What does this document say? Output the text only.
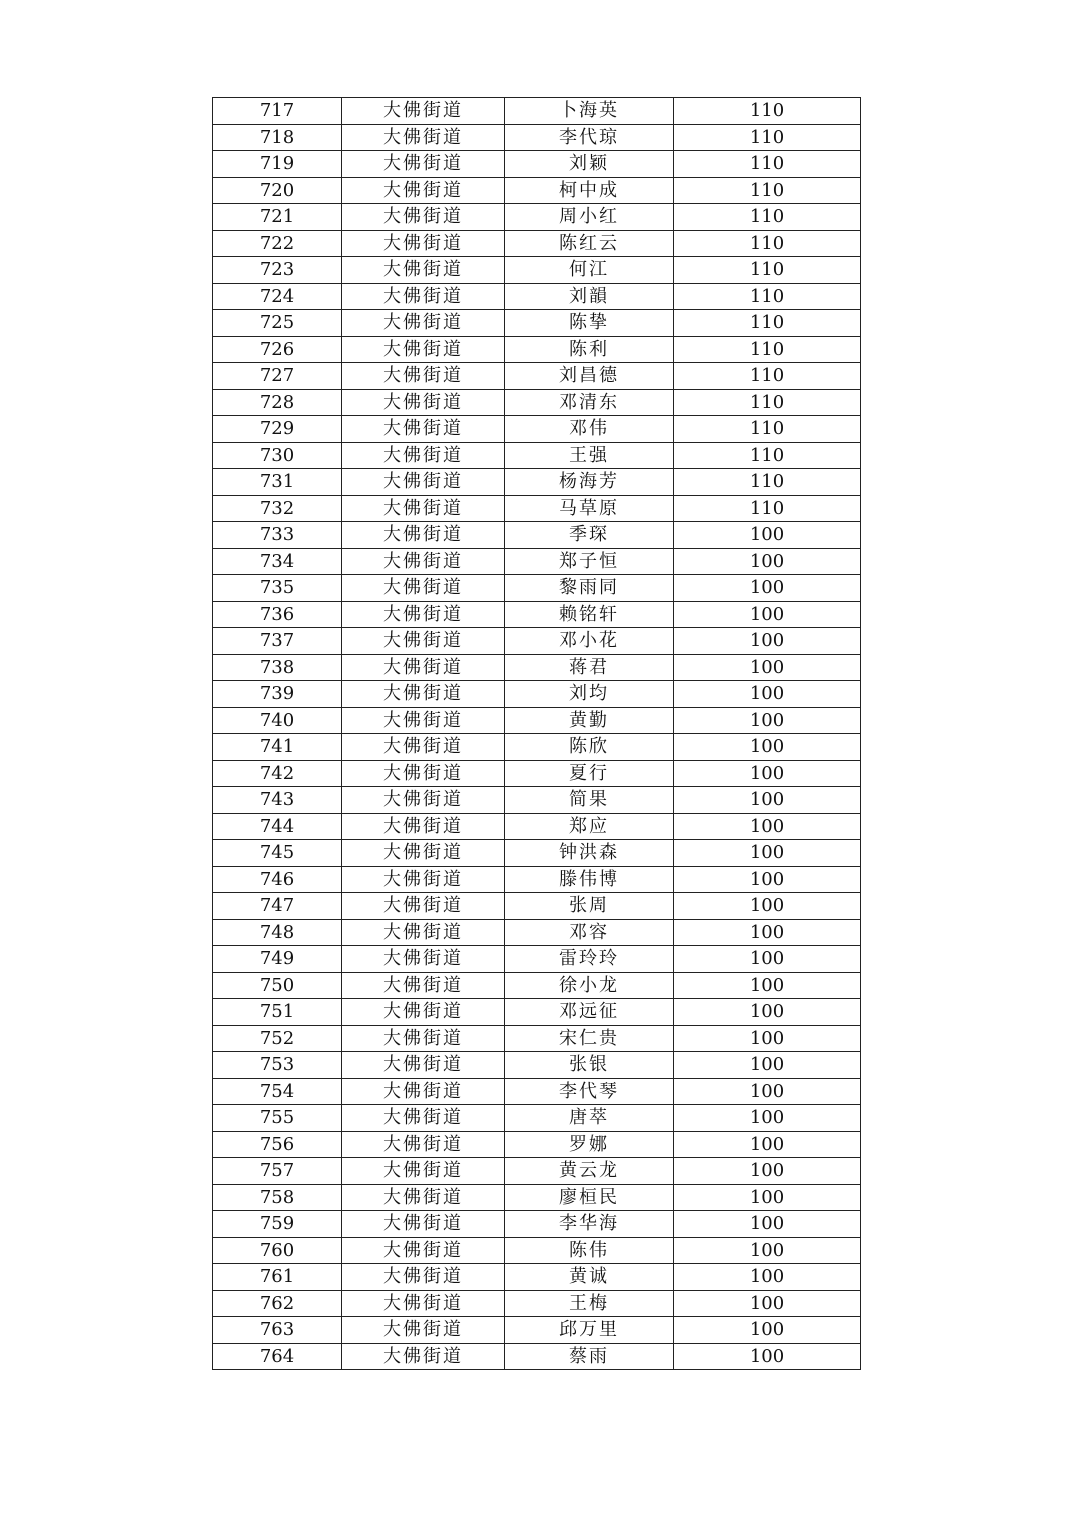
717	大佛街道	卜海英	110
718	大佛街道	李代琼	110
719	大佛街道	刘颖	110
720	大佛街道	柯中成	110
721	大佛街道	周小红	110
722	大佛街道	陈红云	110
723	大佛街道	何江	110
724	大佛街道	刘韻	110
725	大佛街道	陈挚	110
726	大佛街道	陈利	110
727	大佛街道	刘昌德	110
728	大佛街道	邓清东	110
729	大佛街道	邓伟	110
730	大佛街道	王强	110
731	大佛街道	杨海芳	110
732	大佛街道	马草原	110
733	大佛街道	季琛	100
734	大佛街道	郑子恒	100
735	大佛街道	黎雨同	100
736	大佛街道	赖铭轩	100
737	大佛街道	邓小花	100
738	大佛街道	蒋君	100
739	大佛街道	刘均	100
740	大佛街道	黄勤	100
741	大佛街道	陈欣	100
742	大佛街道	夏行	100
743	大佛街道	简果	100
744	大佛街道	郑应	100
745	大佛街道	钟洪森	100
746	大佛街道	滕伟博	100
747	大佛街道	张周	100
748	大佛街道	邓容	100
749	大佛街道	雷玲玲	100
750	大佛街道	徐小龙	100
751	大佛街道	邓远征	100
752	大佛街道	宋仁贵	100
753	大佛街道	张银	100
754	大佛街道	李代琴	100
755	大佛街道	唐萃	100
756	大佛街道	罗娜	100
757	大佛街道	黄云龙	100
758	大佛街道	廖桓民	100
759	大佛街道	李华海	100
760	大佛街道	陈伟	100
761	大佛街道	黄诚	100
762	大佛街道	王梅	100
763	大佛街道	邱万里	100
764	大佛街道	蔡雨	100
